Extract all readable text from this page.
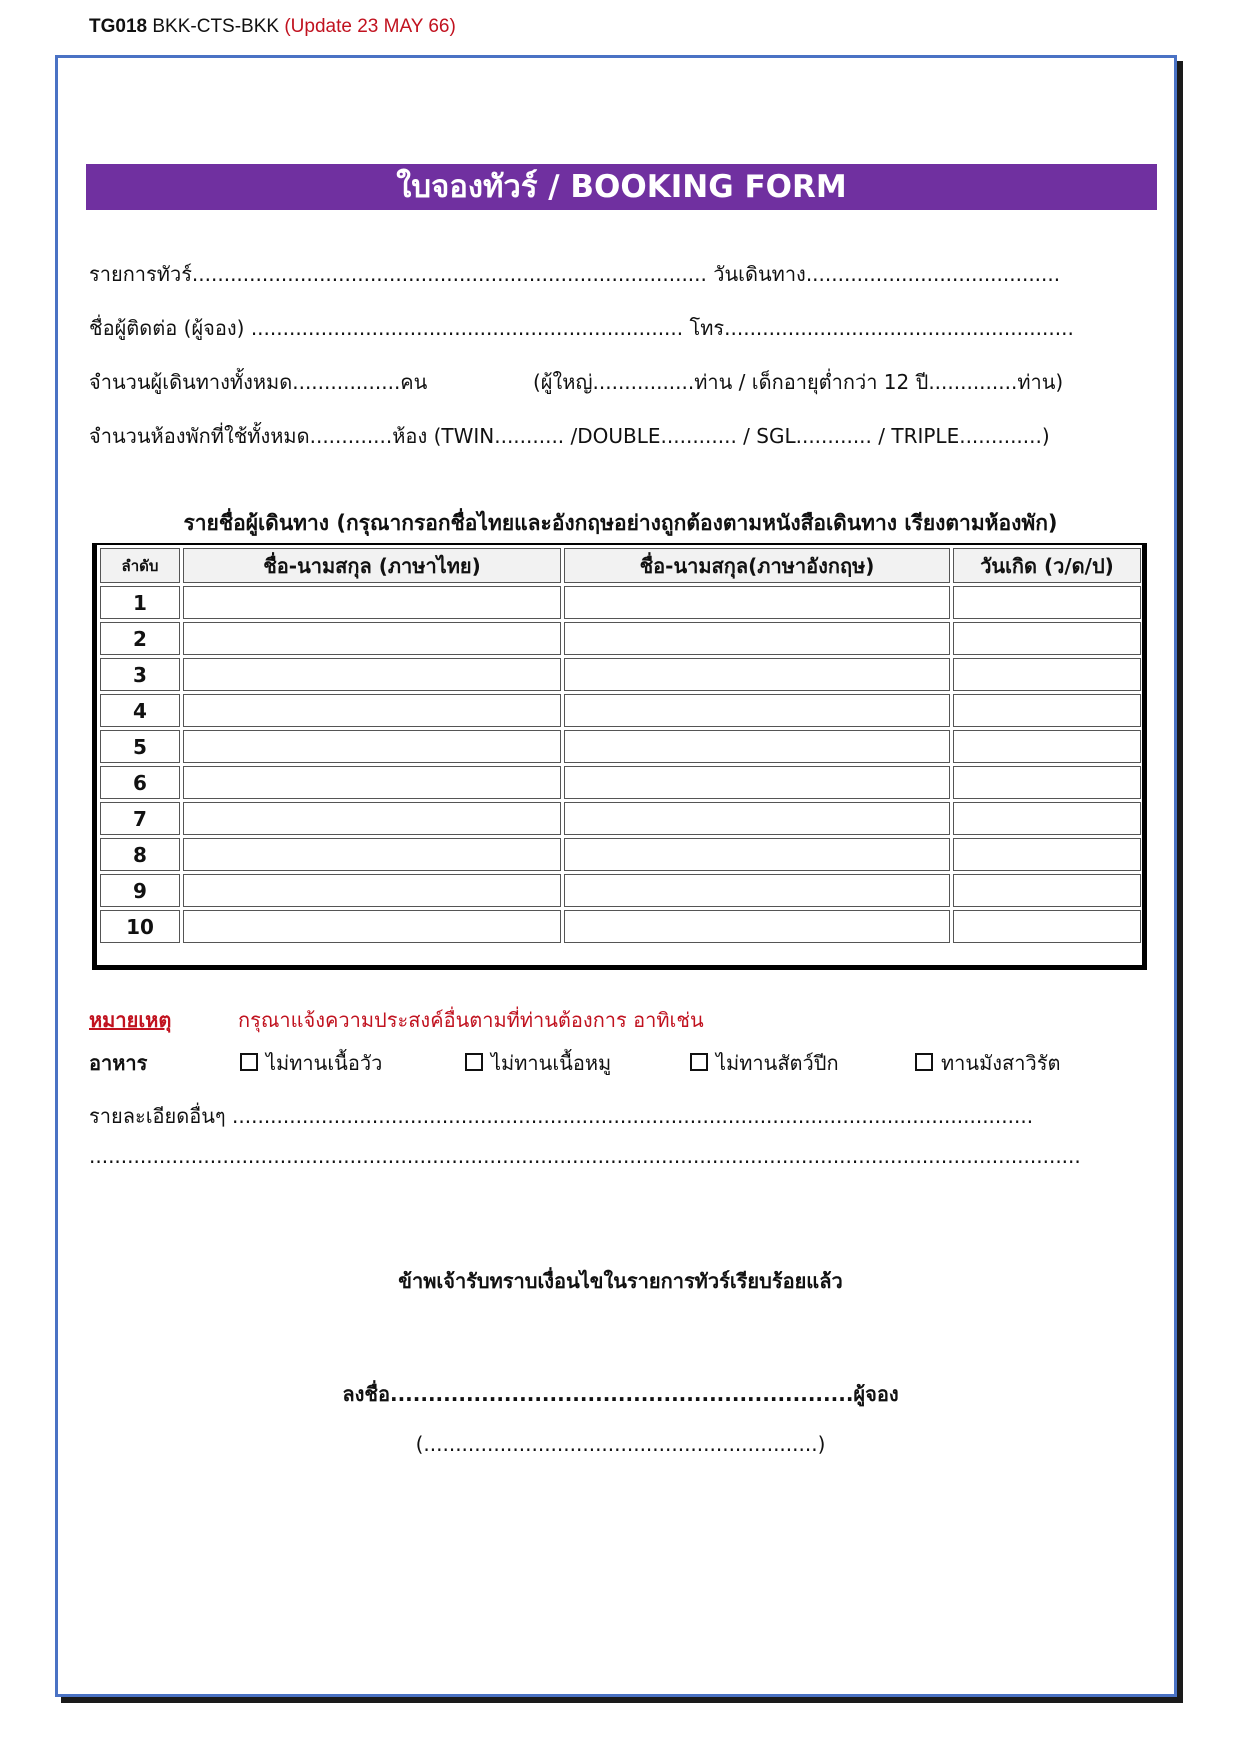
TG018 BKK-CTS-BKK (Update 23 MAY 66)
ใบจองทัวร์ / BOOKING FORM
รายการทัวร์................................................................................. วันเดินทาง........................................
ชื่อผู้ติดต่อ (ผู้จอง) .................................................................... โทร.......................................................
จำนวนผู้เดินทางทั้งหมด.................คน	(ผู้ใหญ่................ท่าน / เด็กอายุต่ำกว่า 12 ปี..............ท่าน)
จำนวนห้องพักที่ใช้ทั้งหมด.............ห้อง (TWIN........... /DOUBLE............ / SGL............ / TRIPLE.............)
รายชื่อผู้เดินทาง (กรุณากรอกชื่อไทยและอังกฤษอย่างถูกต้องตามหนังสือเดินทาง เรียงตามห้องพัก)
ลำดับ	ชื่อ-นามสกุล (ภาษาไทย)	ชื่อ-นามสกุล(ภาษาอังกฤษ)	วันเกิด (ว/ด/ป)
1			
2			
3			
4			
5			
6			
7			
8			
9			
10			
หมายเหตุ	กรุณาแจ้งความประสงค์อื่นตามที่ท่านต้องการ อาทิเช่น
อาหาร	ไม่ทานเนื้อวัว	ไม่ทานเนื้อหมู	ไม่ทานสัตว์ปีก	ทานมังสาวิรัต
รายละเอียดอื่นๆ ..............................................................................................................................
............................................................................................................................................................
ข้าพเจ้ารับทราบเงื่อนไขในรายการทัวร์เรียบร้อยแล้ว
ลงชื่อ.............................................................ผู้จอง
(..............................................................)
